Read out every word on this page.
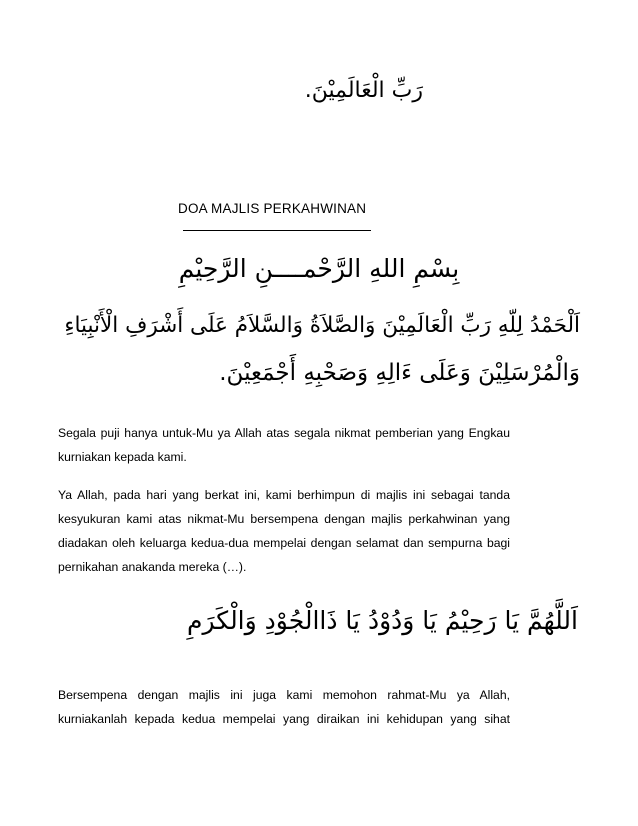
رَبِّ الْعَالَمِيْنَ.
DOA MAJLIS PERKAHWINAN
بِسْمِ اللهِ الرَّحْمــــنِ الرَّحِيْمِ
اَلْحَمْدُ لِلّهِ رَبِّ الْعَالَمِيْنَ وَالصَّلاَةُ وَالسَّلاَمُ عَلَى أَشْرَفِ الْأَنْبِيَاءِ
وَالْمُرْسَلِيْنَ وَعَلَى ءَالِهِ وَصَحْبِهِ أَجْمَعِيْنَ.

Segala puji hanya untuk-Mu ya Allah atas segala nikmat pemberian yang Engkau kurniakan kepada kami.

Ya Allah, pada hari yang berkat ini, kami berhimpun di majlis ini sebagai tanda kesyukuran kami atas nikmat-Mu bersempena dengan majlis perkahwinan yang diadakan oleh keluarga kedua-dua mempelai dengan selamat dan sempurna bagi pernikahan anakanda mereka (…).

اَللَّهُمَّ يَا رَحِيْمُ يَا وَدُوْدُ يَا ذَاالْجُوْدِ وَالْكَرَمِ

Bersempena dengan majlis ini juga kami memohon rahmat-Mu ya Allah, kurniakanlah kepada kedua mempelai yang diraikan ini kehidupan yang sihat
